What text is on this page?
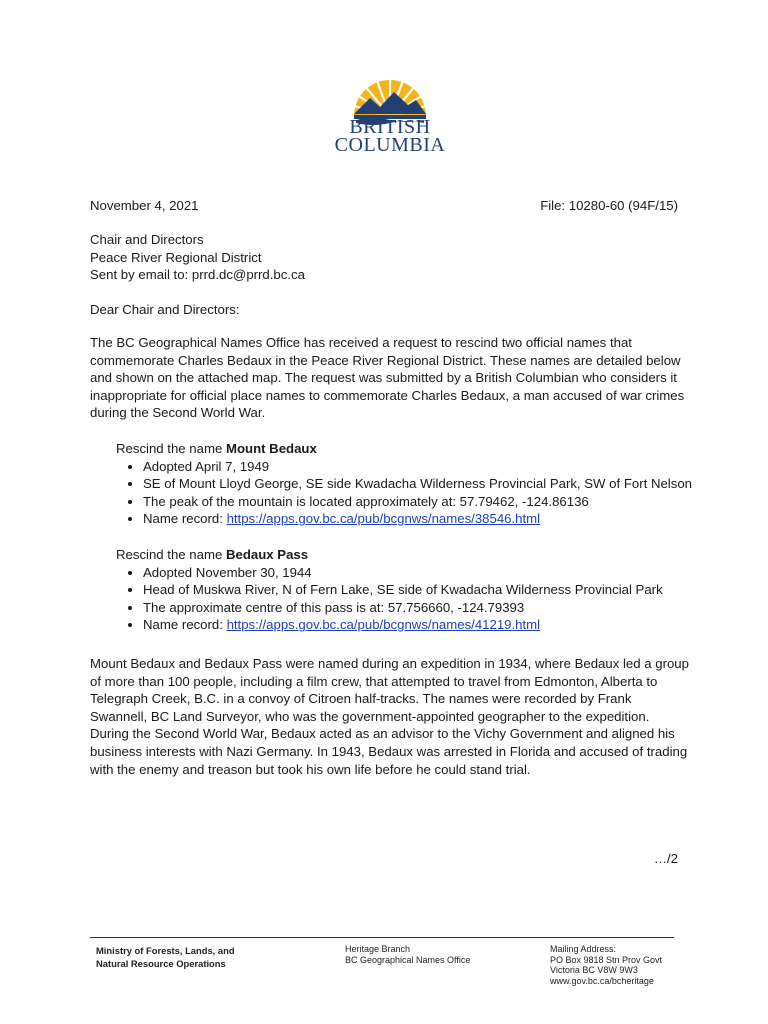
BRITISH
COLUMBIA
November 4, 2021	File: 10280-60 (94F/15)
Chair and Directors
Peace River Regional District
Sent by email to: prrd.dc@prrd.bc.ca
Dear Chair and Directors:
The BC Geographical Names Office has received a request to rescind two official names that commemorate Charles Bedaux in the Peace River Regional District. These names are detailed below and shown on the attached map. The request was submitted by a British Columbian who considers it inappropriate for official place names to commemorate Charles Bedaux, a man accused of war crimes during the Second World War.
Rescind the name Mount Bedaux
• Adopted April 7, 1949
• SE of Mount Lloyd George, SE side Kwadacha Wilderness Provincial Park, SW of Fort Nelson
• The peak of the mountain is located approximately at: 57.79462, -124.86136
• Name record: https://apps.gov.bc.ca/pub/bcgnws/names/38546.html
Rescind the name Bedaux Pass
• Adopted November 30, 1944
• Head of Muskwa River, N of Fern Lake, SE side of Kwadacha Wilderness Provincial Park
• The approximate centre of this pass is at: 57.756660, -124.79393
• Name record: https://apps.gov.bc.ca/pub/bcgnws/names/41219.html
Mount Bedaux and Bedaux Pass were named during an expedition in 1934, where Bedaux led a group of more than 100 people, including a film crew, that attempted to travel from Edmonton, Alberta to Telegraph Creek, B.C. in a convoy of Citroen half-tracks. The names were recorded by Frank Swannell, BC Land Surveyor, who was the government-appointed geographer to the expedition. During the Second World War, Bedaux acted as an advisor to the Vichy Government and aligned his business interests with Nazi Germany. In 1943, Bedaux was arrested in Florida and accused of trading with the enemy and treason but took his own life before he could stand trial.
…/2
Ministry of Forests, Lands, and
Natural Resource Operations
Heritage Branch
BC Geographical Names Office
Mailing Address:
PO Box 9818 Stn Prov Govt
Victoria BC V8W 9W3
www.gov.bc.ca/bcheritage
